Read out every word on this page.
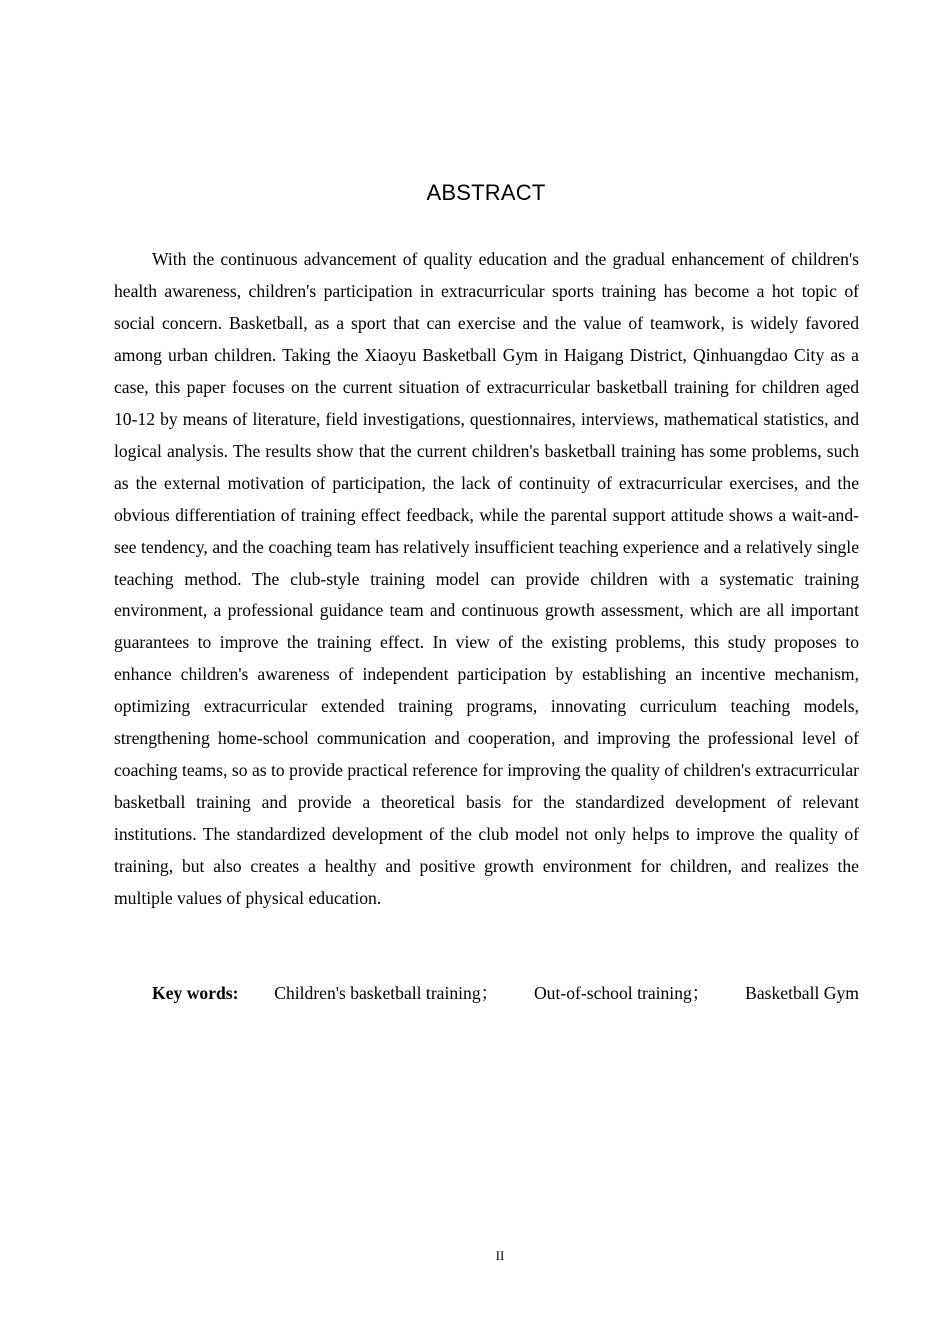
ABSTRACT

With the continuous advancement of quality education and the gradual enhancement of children's health awareness, children's participation in extracurricular sports training has become a hot topic of social concern. Basketball, as a sport that can exercise and the value of teamwork, is widely favored among urban children. Taking the Xiaoyu Basketball Gym in Haigang District, Qinhuangdao City as a case, this paper focuses on the current situation of extracurricular basketball training for children aged 10-12 by means of literature, field investigations, questionnaires, interviews, mathematical statistics, and logical analysis. The results show that the current children's basketball training has some problems, such as the external motivation of participation, the lack of continuity of extracurricular exercises, and the obvious differentiation of training effect feedback, while the parental support attitude shows a wait-and-see tendency, and the coaching team has relatively insufficient teaching experience and a relatively single teaching method. The club-style training model can provide children with a systematic training environment, a professional guidance team and continuous growth assessment, which are all important guarantees to improve the training effect. In view of the existing problems, this study proposes to enhance children's awareness of independent participation by establishing an incentive mechanism, optimizing extracurricular extended training programs, innovating curriculum teaching models, strengthening home-school communication and cooperation, and improving the professional level of coaching teams, so as to provide practical reference for improving the quality of children's extracurricular basketball training and provide a theoretical basis for the standardized development of relevant institutions. The standardized development of the club model not only helps to improve the quality of training, but also creates a healthy and positive growth environment for children, and realizes the multiple values of physical education.

Key words: Children's basketball training； Out-of-school training； Basketball Gym

II
